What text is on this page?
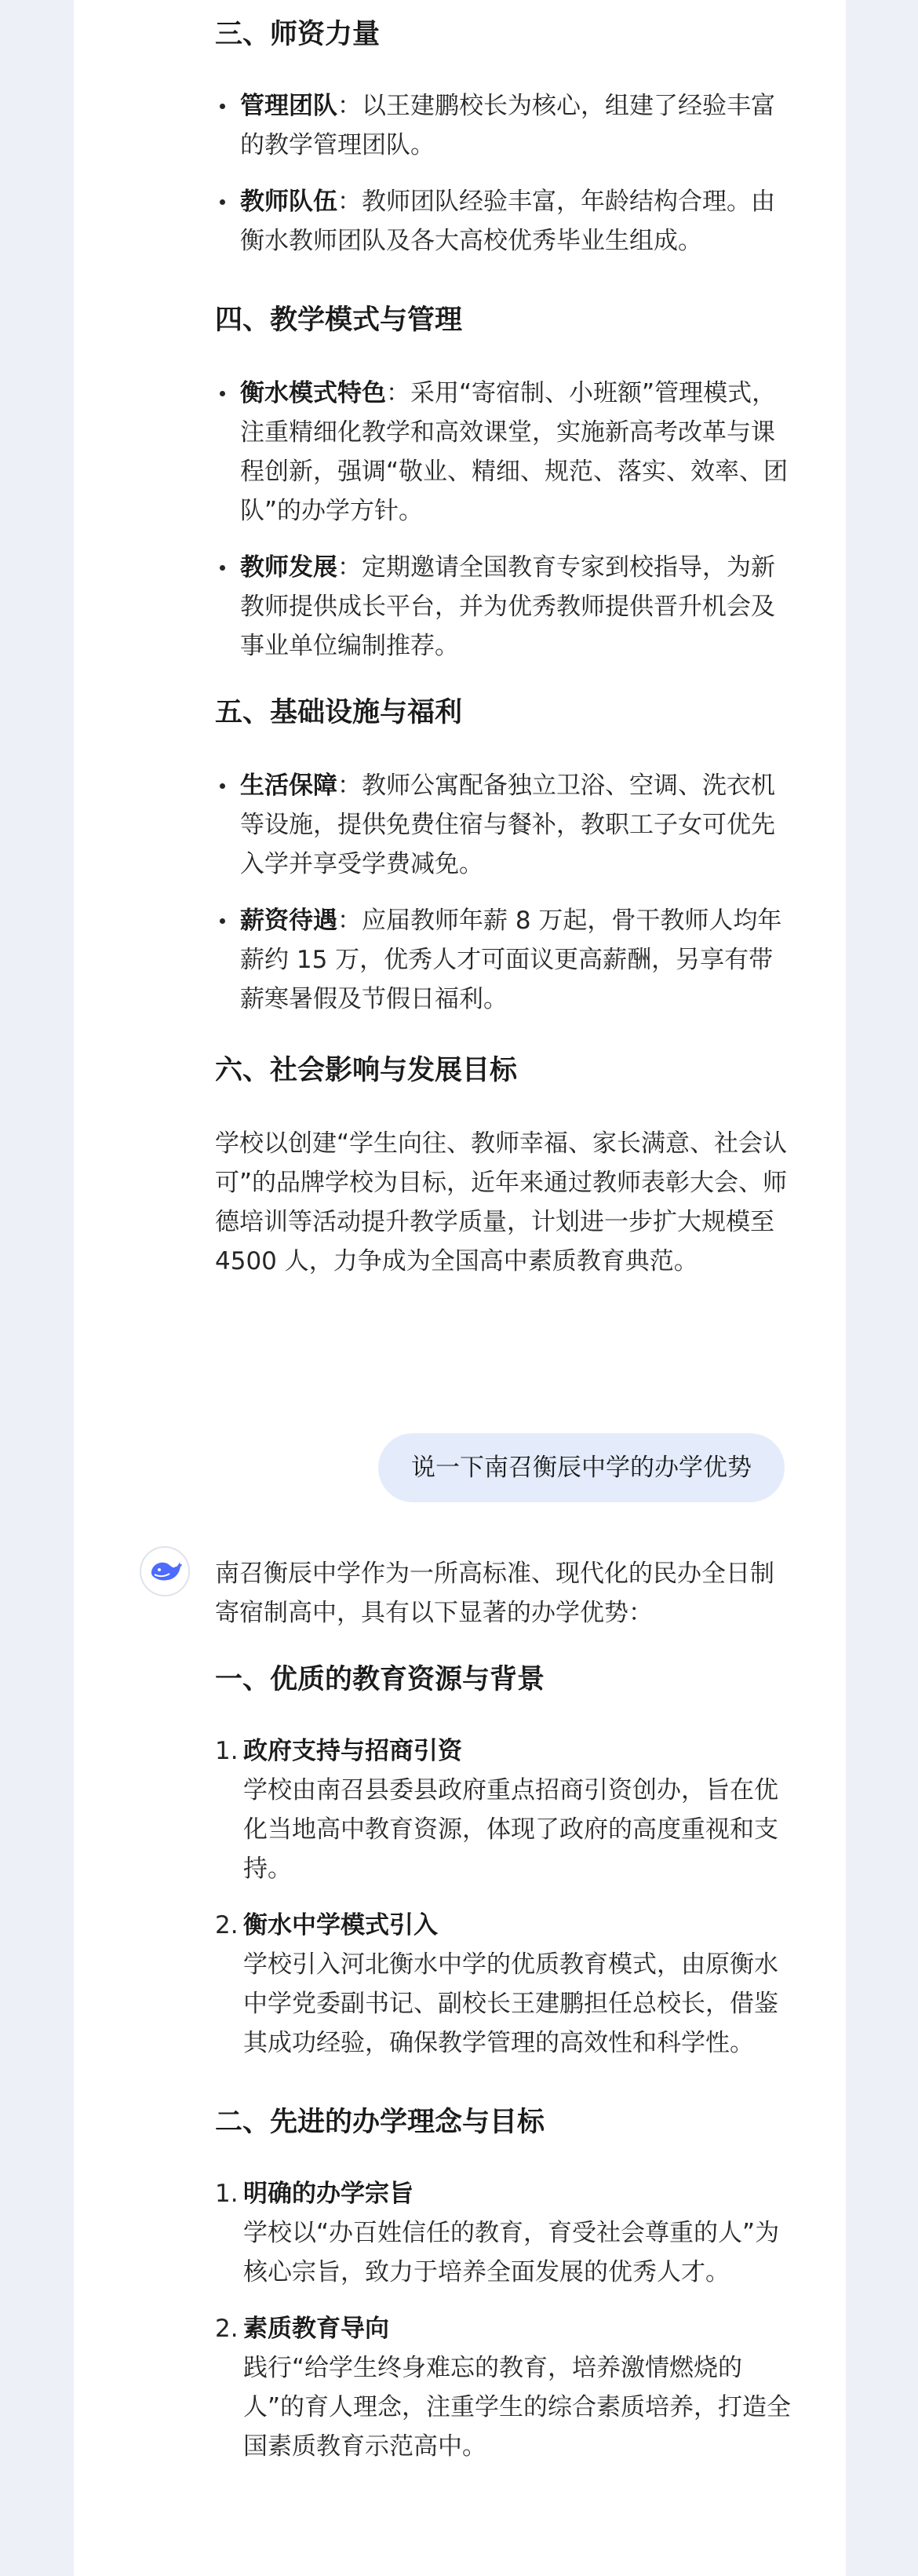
三、师资力量
管理团队：以王建鹏校长为核心，组建了经验丰富的教学管理团队。
教师队伍：教师团队经验丰富，年龄结构合理。由衡水教师团队及各大高校优秀毕业生组成。
四、教学模式与管理
衡水模式特色：采用“寄宿制、小班额”管理模式，注重精细化教学和高效课堂，实施新高考改革与课程创新，强调“敬业、精细、规范、落实、效率、团队”的办学方针。
教师发展：定期邀请全国教育专家到校指导，为新教师提供成长平台，并为优秀教师提供晋升机会及事业单位编制推荐。
五、基础设施与福利
生活保障：教师公寓配备独立卫浴、空调、洗衣机等设施，提供免费住宿与餐补，教职工子女可优先入学并享受学费减免。
薪资待遇：应届教师年薪 8 万起，骨干教师人均年薪约 15 万，优秀人才可面议更高薪酬，另享有带薪寒暑假及节假日福利。
六、社会影响与发展目标

学校以创建“学生向往、教师幸福、家长满意、社会认可”的品牌学校为目标，近年来通过教师表彰大会、师德培训等活动提升教学质量，计划进一步扩大规模至 4500 人，力争成为全国高中素质教育典范。

说一下南召衡辰中学的办学优势

南召衡辰中学作为一所高标准、现代化的民办全日制寄宿制高中，具有以下显著的办学优势：

一、优质的教育资源与背景
1. 政府支持与招商引资
学校由南召县委县政府重点招商引资创办，旨在优化当地高中教育资源，体现了政府的高度重视和支持。
2. 衡水中学模式引入
学校引入河北衡水中学的优质教育模式，由原衡水中学党委副书记、副校长王建鹏担任总校长，借鉴其成功经验，确保教学管理的高效性和科学性。
二、先进的办学理念与目标
1. 明确的办学宗旨
学校以“办百姓信任的教育，育受社会尊重的人”为核心宗旨，致力于培养全面发展的优秀人才。
2. 素质教育导向
践行“给学生终身难忘的教育，培养激情燃烧的人”的育人理念，注重学生的综合素质培养，打造全国素质教育示范高中。
